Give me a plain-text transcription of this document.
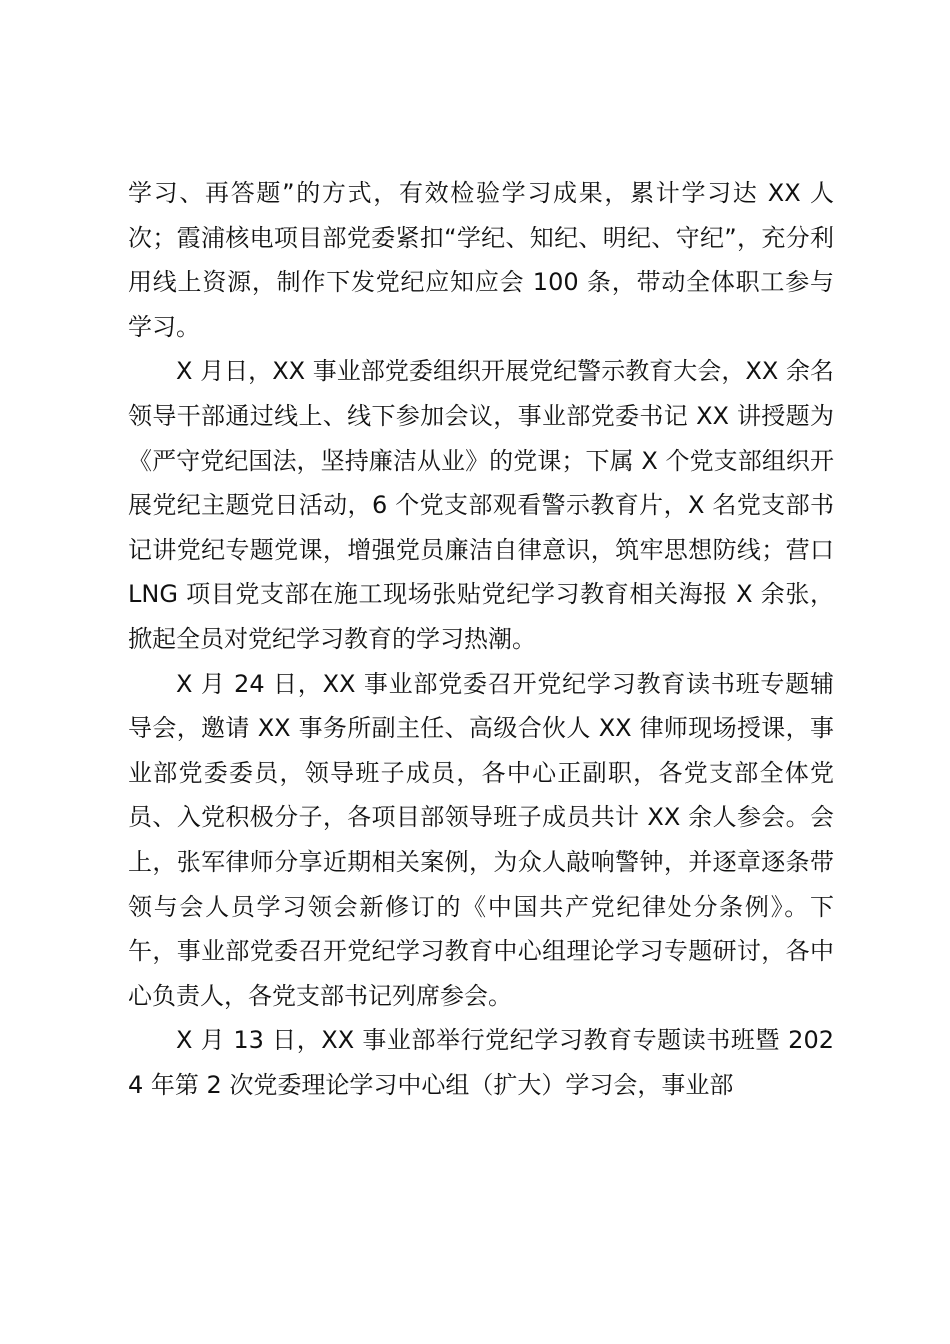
学习、再答题”的方式，有效检验学习成果，累计学习达 XX 人次；霞浦核电项目部党委紧扣“学纪、知纪、明纪、守纪”，充分利用线上资源，制作下发党纪应知应会 100 条，带动全体职工参与学习。

X 月日，XX 事业部党委组织开展党纪警示教育大会，XX 余名领导干部通过线上、线下参加会议，事业部党委书记 XX 讲授题为《严守党纪国法，坚持廉洁从业》的党课；下属 X 个党支部组织开展党纪主题党日活动，6 个党支部观看警示教育片，X 名党支部书记讲党纪专题党课，增强党员廉洁自律意识，筑牢思想防线；营口 LNG 项目党支部在施工现场张贴党纪学习教育相关海报 X 余张，掀起全员对党纪学习教育的学习热潮。

X 月 24 日，XX 事业部党委召开党纪学习教育读书班专题辅导会，邀请 XX 事务所副主任、高级合伙人 XX 律师现场授课，事业部党委委员，领导班子成员，各中心正副职，各党支部全体党员、入党积极分子，各项目部领导班子成员共计 XX 余人参会。会上，张军律师分享近期相关案例，为众人敲响警钟，并逐章逐条带领与会人员学习领会新修订的《中国共产党纪律处分条例》。下午，事业部党委召开党纪学习教育中心组理论学习专题研讨，各中心负责人，各党支部书记列席参会。

X 月 13 日，XX 事业部举行党纪学习教育专题读书班暨 2024 年第 2 次党委理论学习中心组（扩大）学习会，事业部
